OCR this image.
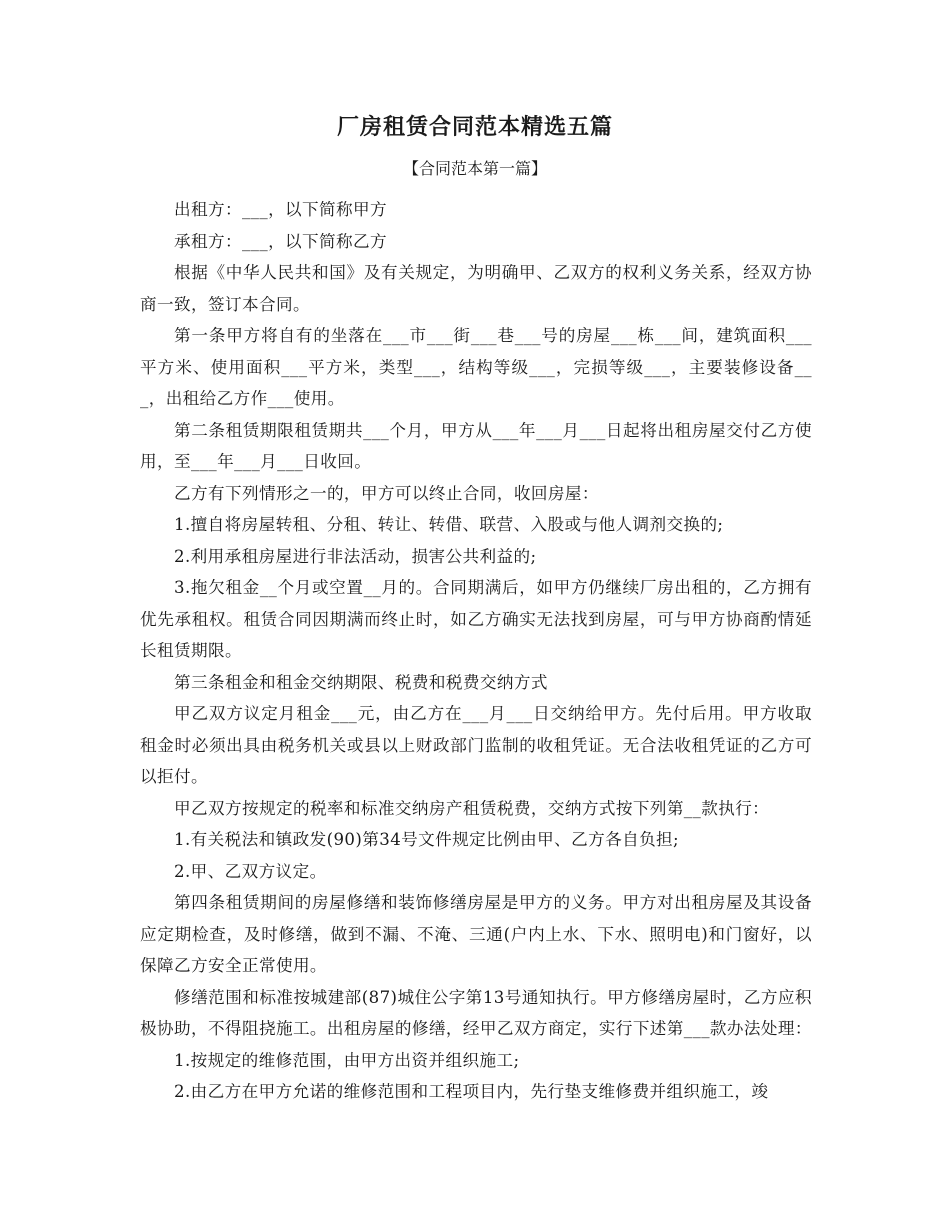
厂房租赁合同范本精选五篇
【合同范本第一篇】

出租方：___，以下简称甲方

承租方：___，以下简称乙方

根据《中华人民共和国》及有关规定，为明确甲、乙双方的权利义务关系，经双方协商一致，签订本合同。

第一条甲方将自有的坐落在___市___街___巷___号的房屋___栋___间，建筑面积___平方米、使用面积___平方米，类型___，结构等级___，完损等级___，主要装修设备___，出租给乙方作___使用。

第二条租赁期限租赁期共___个月，甲方从___年___月___日起将出租房屋交付乙方使用，至___年___月___日收回。

乙方有下列情形之一的，甲方可以终止合同，收回房屋：

1.擅自将房屋转租、分租、转让、转借、联营、入股或与他人调剂交换的;

2.利用承租房屋进行非法活动，损害公共利益的;

3.拖欠租金__个月或空置__月的。合同期满后，如甲方仍继续厂房出租的，乙方拥有优先承租权。租赁合同因期满而终止时，如乙方确实无法找到房屋，可与甲方协商酌情延长租赁期限。

第三条租金和租金交纳期限、税费和税费交纳方式

甲乙双方议定月租金___元，由乙方在___月___日交纳给甲方。先付后用。甲方收取租金时必须出具由税务机关或县以上财政部门监制的收租凭证。无合法收租凭证的乙方可以拒付。

甲乙双方按规定的税率和标准交纳房产租赁税费，交纳方式按下列第__款执行：

1.有关税法和镇政发(90)第34号文件规定比例由甲、乙方各自负担;

2.甲、乙双方议定。

第四条租赁期间的房屋修缮和装饰修缮房屋是甲方的义务。甲方对出租房屋及其设备应定期检查，及时修缮，做到不漏、不淹、三通(户内上水、下水、照明电)和门窗好，以保障乙方安全正常使用。

修缮范围和标准按城建部(87)城住公字第13号通知执行。甲方修缮房屋时，乙方应积极协助，不得阻挠施工。出租房屋的修缮，经甲乙双方商定，实行下述第___款办法处理：

1.按规定的维修范围，由甲方出资并组织施工;

2.由乙方在甲方允诺的维修范围和工程项目内，先行垫支维修费并组织施工，竣
